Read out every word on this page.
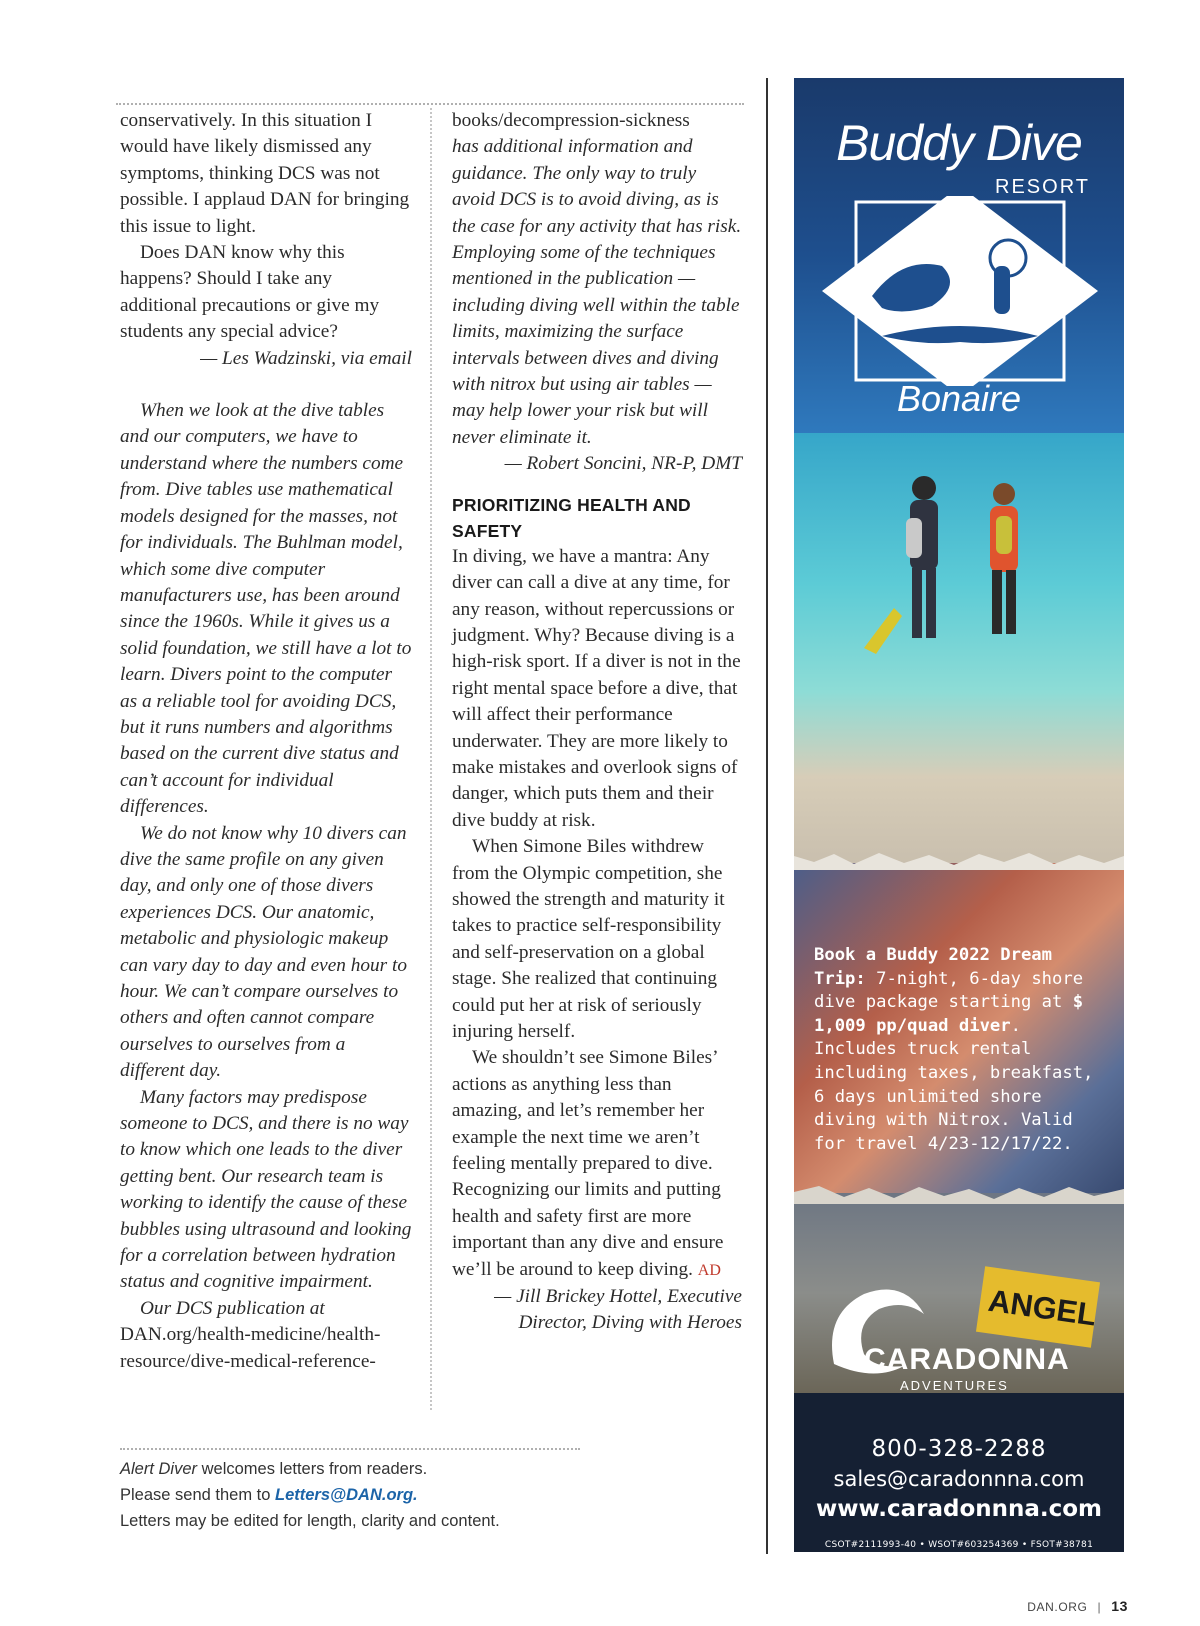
conservatively. In this situation I would have likely dismissed any symptoms, thinking DCS was not possible. I applaud DAN for bringing this issue to light.

Does DAN know why this happens? Should I take any additional precautions or give my students any special advice?

— Les Wadzinski, via email

When we look at the dive tables and our computers, we have to understand where the numbers come from. Dive tables use mathematical models designed for the masses, not for individuals. The Buhlman model, which some dive computer manufacturers use, has been around since the 1960s. While it gives us a solid foundation, we still have a lot to learn. Divers point to the computer as a reliable tool for avoiding DCS, but it runs numbers and algorithms based on the current dive status and can’t account for individual differences.

We do not know why 10 divers can dive the same profile on any given day, and only one of those divers experiences DCS. Our anatomic, metabolic and physiologic makeup can vary day to day and even hour to hour. We can’t compare ourselves to others and often cannot compare ourselves to ourselves from a different day.

Many factors may predispose someone to DCS, and there is no way to know which one leads to the diver getting bent. Our research team is working to identify the cause of these bubbles using ultrasound and looking for a correlation between hydration status and cognitive impairment.

Our DCS publication at DAN.org/health-medicine/health-resource/dive-medical-reference-

books/decompression-sickness

has additional information and guidance. The only way to truly avoid DCS is to avoid diving, as is the case for any activity that has risk. Employing some of the techniques mentioned in the publication — including diving well within the table limits, maximizing the surface intervals between dives and diving with nitrox but using air tables — may help lower your risk but will never eliminate it.

— Robert Soncini, NR-P, DMT

PRIORITIZING HEALTH AND SAFETY

In diving, we have a mantra: Any diver can call a dive at any time, for any reason, without repercussions or judgment. Why? Because diving is a high-risk sport. If a diver is not in the right mental space before a dive, that will affect their performance underwater. They are more likely to make mistakes and overlook signs of danger, which puts them and their dive buddy at risk.

When Simone Biles withdrew from the Olympic competition, she showed the strength and maturity it takes to practice self-responsibility and self-preservation on a global stage. She realized that continuing could put her at risk of seriously injuring herself.

We shouldn’t see Simone Biles’ actions as anything less than amazing, and let’s remember her example the next time we aren’t feeling mentally prepared to dive. Recognizing our limits and putting health and safety first are more important than any dive and ensure we’ll be around to keep diving. AD

— Jill Brickey Hottel, Executive

Director, Diving with Heroes

Alert Diver welcomes letters from readers.

Please send them to Letters@DAN.org.

Letters may be edited for length, clarity and content.

Buddy Dive
RESORT
Bonaire

Book a Buddy 2022 Dream Trip: 7-night, 6-day shore dive package starting at $ 1,009 pp/quad diver. Includes truck rental including taxes, breakfast, 6 days unlimited shore diving with Nitrox. Valid for travel 4/23-12/17/22.

ANGEL
CARADONNA
ADVENTURES
800-328-2288
sales@caradonnna.com
www.caradonnna.com
CSOT#2111993-40 • WSOT#603254369 • FSOT#38781
DAN.ORG | 13
